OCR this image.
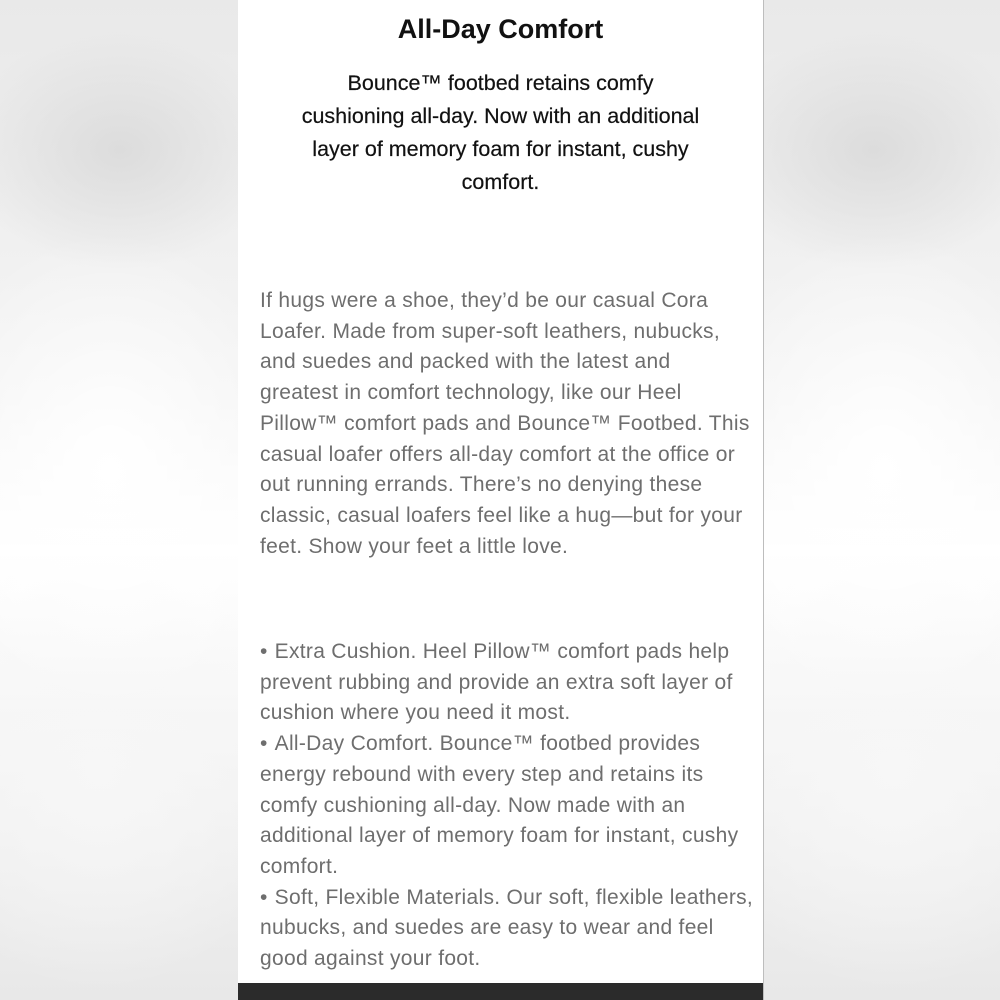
All-Day Comfort

Bounce™ footbed retains comfy cushioning all-day. Now with an additional layer of memory foam for instant, cushy comfort.

If hugs were a shoe, they’d be our casual Cora Loafer. Made from super-soft leathers, nubucks, and suedes and packed with the latest and greatest in comfort technology, like our Heel Pillow™ comfort pads and Bounce™ Footbed. This casual loafer offers all-day comfort at the office or out running errands. There’s no denying these classic, casual loafers feel like a hug—but for your feet. Show your feet a little love.

• Extra Cushion. Heel Pillow™ comfort pads help prevent rubbing and provide an extra soft layer of cushion where you need it most.
• All-Day Comfort. Bounce™ footbed provides energy rebound with every step and retains its comfy cushioning all-day. Now made with an additional layer of memory foam for instant, cushy comfort.
• Soft, Flexible Materials. Our soft, flexible leathers, nubucks, and suedes are easy to wear and feel good against your foot.
